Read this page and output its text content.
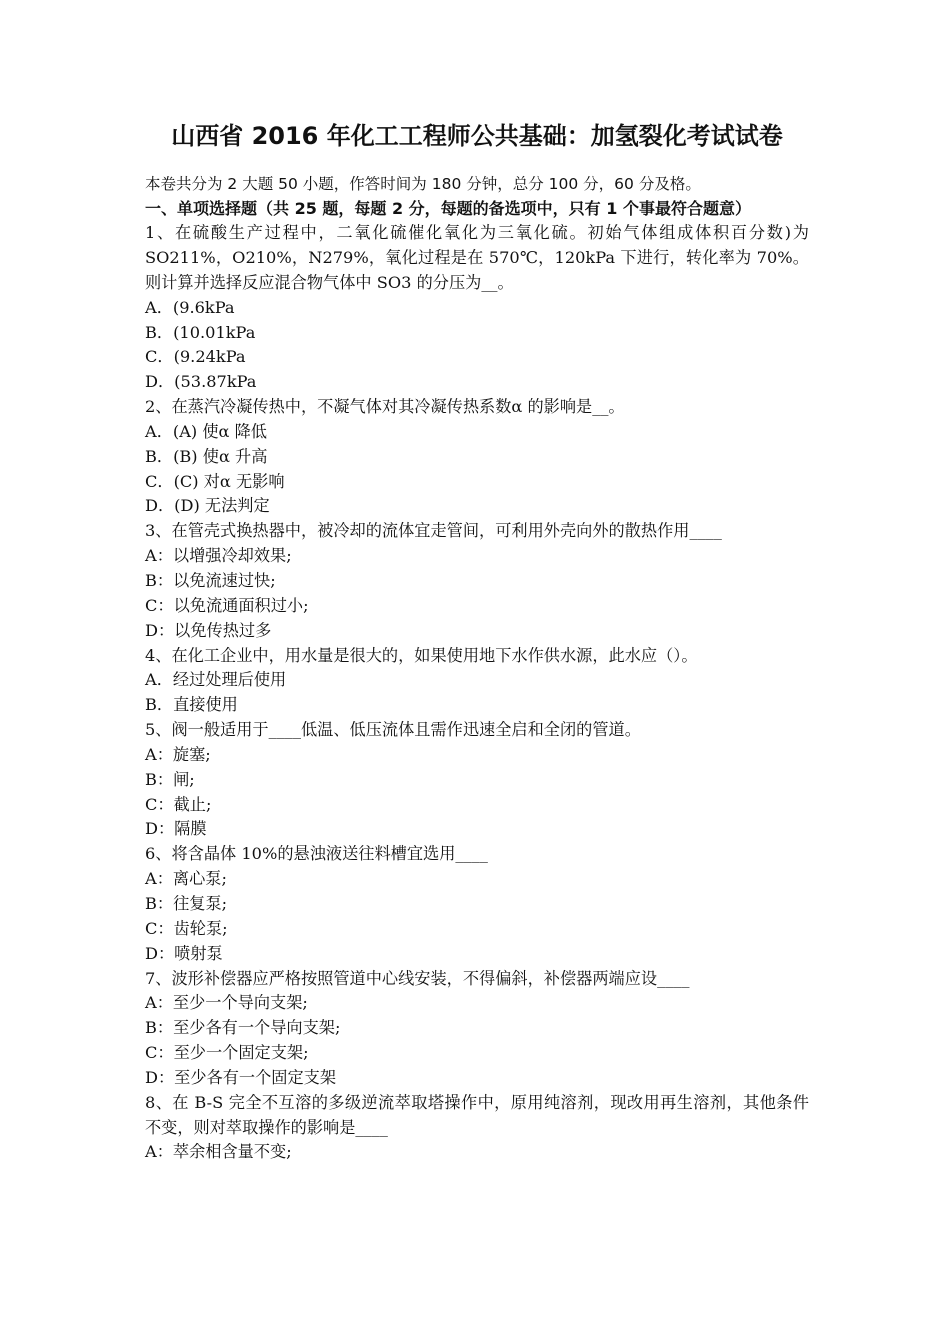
山西省 2016 年化工工程师公共基础：加氢裂化考试试卷
本卷共分为 2 大题 50 小题，作答时间为 180 分钟，总分 100 分，60 分及格。
一、单项选择题（共 25 题，每题 2 分，每题的备选项中，只有 1 个事最符合题意）
1、在硫酸生产过程中，二氧化硫催化氧化为三氧化硫。初始气体组成体积百分数)为 SO211%，O210%，N279%，氧化过程是在 570℃，120kPa 下进行，转化率为 70%。则计算并选择反应混合物气体中 SO3 的分压为__。
A．(9.6kPa
B．(10.01kPa
C．(9.24kPa
D．(53.87kPa
2、在蒸汽冷凝传热中，不凝气体对其冷凝传热系数α 的影响是__。
A．(A) 使α 降低
B．(B) 使α 升高
C．(C) 对α 无影响
D．(D) 无法判定
3、在管壳式换热器中，被冷却的流体宜走管间，可利用外壳向外的散热作用____
A：以增强冷却效果;
B：以免流速过快;
C：以免流通面积过小;
D：以免传热过多
4、在化工企业中，用水量是很大的，如果使用地下水作供水源，此水应（）。
A．经过处理后使用
B．直接使用
5、阀一般适用于____低温、低压流体且需作迅速全启和全闭的管道。
A：旋塞;
B：闸;
C：截止;
D：隔膜
6、将含晶体 10%的悬浊液送往料槽宜选用____
A：离心泵;
B：往复泵;
C：齿轮泵;
D：喷射泵
7、波形补偿器应严格按照管道中心线安装，不得偏斜，补偿器两端应设____
A：至少一个导向支架;
B：至少各有一个导向支架;
C：至少一个固定支架;
D：至少各有一个固定支架
8、在 B-S 完全不互溶的多级逆流萃取塔操作中，原用纯溶剂，现改用再生溶剂，其他条件不变，则对萃取操作的影响是____
A：萃余相含量不变;
